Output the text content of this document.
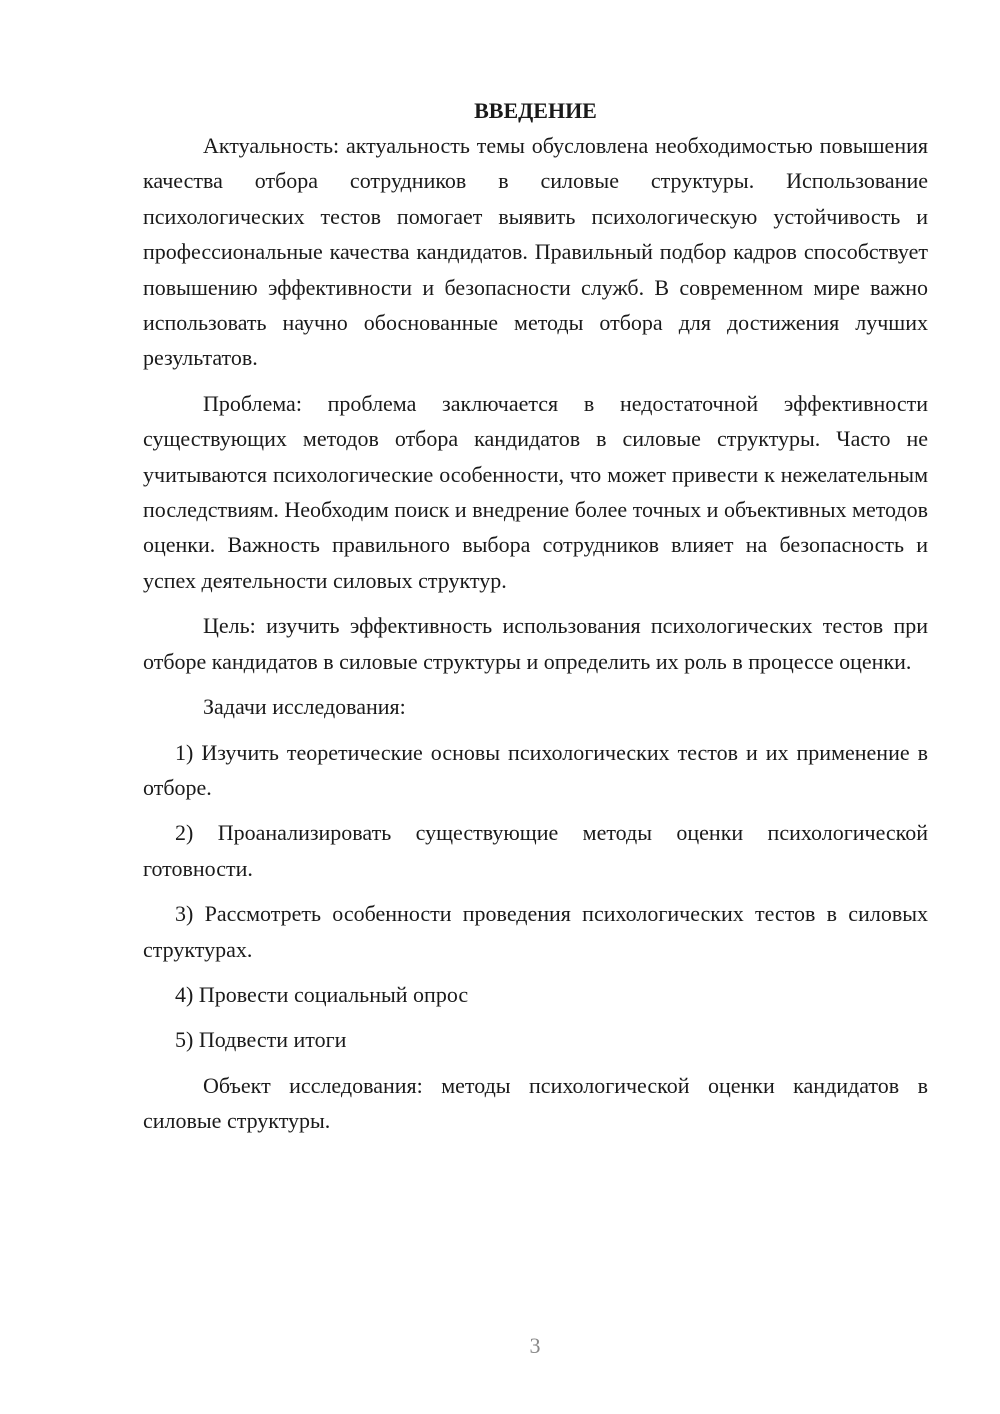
ВВЕДЕНИЕ

Актуальность: актуальность темы обусловлена необходимостью повышения качества отбора сотрудников в силовые структуры. Использование психологических тестов помогает выявить психологическую устойчивость и профессиональные качества кандидатов. Правильный подбор кадров способствует повышению эффективности и безопасности служб. В современном мире важно использовать научно обоснованные методы отбора для достижения лучших результатов.

Проблема: проблема заключается в недостаточной эффективности существующих методов отбора кандидатов в силовые структуры. Часто не учитываются психологические особенности, что может привести к нежелательным последствиям. Необходим поиск и внедрение более точных и объективных методов оценки. Важность правильного выбора сотрудников влияет на безопасность и успех деятельности силовых структур.

Цель: изучить эффективность использования психологических тестов при отборе кандидатов в силовые структуры и определить их роль в процессе оценки.

Задачи исследования:

1) Изучить теоретические основы психологических тестов и их применение в отборе.

2) Проанализировать существующие методы оценки психологической готовности.

3) Рассмотреть особенности проведения психологических тестов в силовых структурах.

4) Провести социальный опрос

5) Подвести итоги

Объект исследования: методы психологической оценки кандидатов в силовые структуры.

3
